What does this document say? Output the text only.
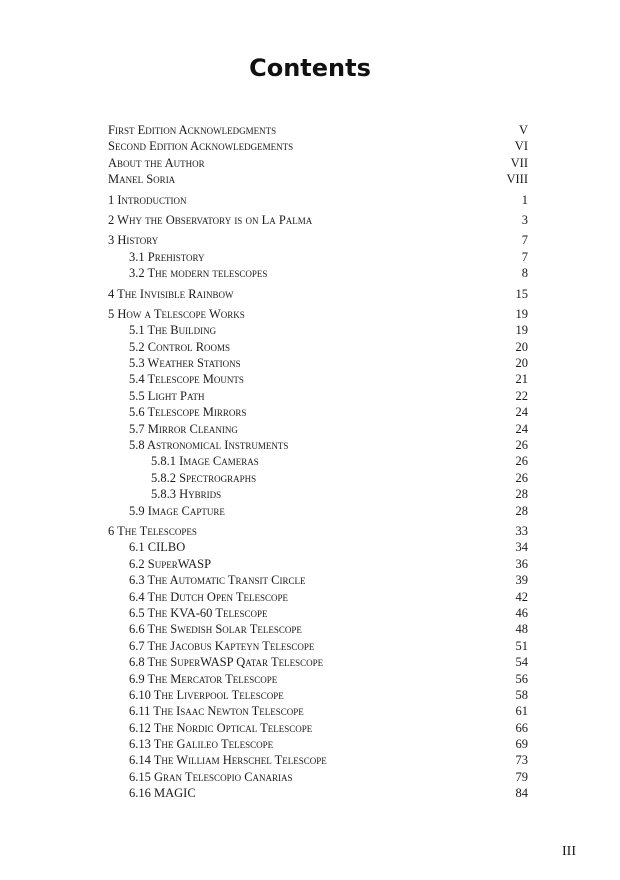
Contents
First Edition Acknowledgments	V
Second Edition Acknowledgements	VI
About the Author	VII
Manel Soria	VIII
1 Introduction	1
2 Why the Observatory is on La Palma	3
3 History	7
3.1 Prehistory	7
3.2 The modern telescopes	8
4 The Invisible Rainbow	15
5 How a Telescope Works	19
5.1 The Building	19
5.2 Control Rooms	20
5.3 Weather Stations	20
5.4 Telescope Mounts	21
5.5 Light Path	22
5.6 Telescope Mirrors	24
5.7 Mirror Cleaning	24
5.8 Astronomical Instruments	26
5.8.1 Image Cameras	26
5.8.2 Spectrographs	26
5.8.3 Hybrids	28
5.9 Image Capture	28
6 The Telescopes	33
6.1 CILBO	34
6.2 SuperWASP	36
6.3 The Automatic Transit Circle	39
6.4 The Dutch Open Telescope	42
6.5 The KVA-60 Telescope	46
6.6 The Swedish Solar Telescope	48
6.7 The Jacobus Kapteyn Telescope	51
6.8 The SuperWASP Qatar Telescope	54
6.9 The Mercator Telescope	56
6.10 The Liverpool Telescope	58
6.11 The Isaac Newton Telescope	61
6.12 The Nordic Optical Telescope	66
6.13 The Galileo Telescope	69
6.14 The William Herschel Telescope	73
6.15 Gran Telescopio Canarias	79
6.16 MAGIC	84
III
